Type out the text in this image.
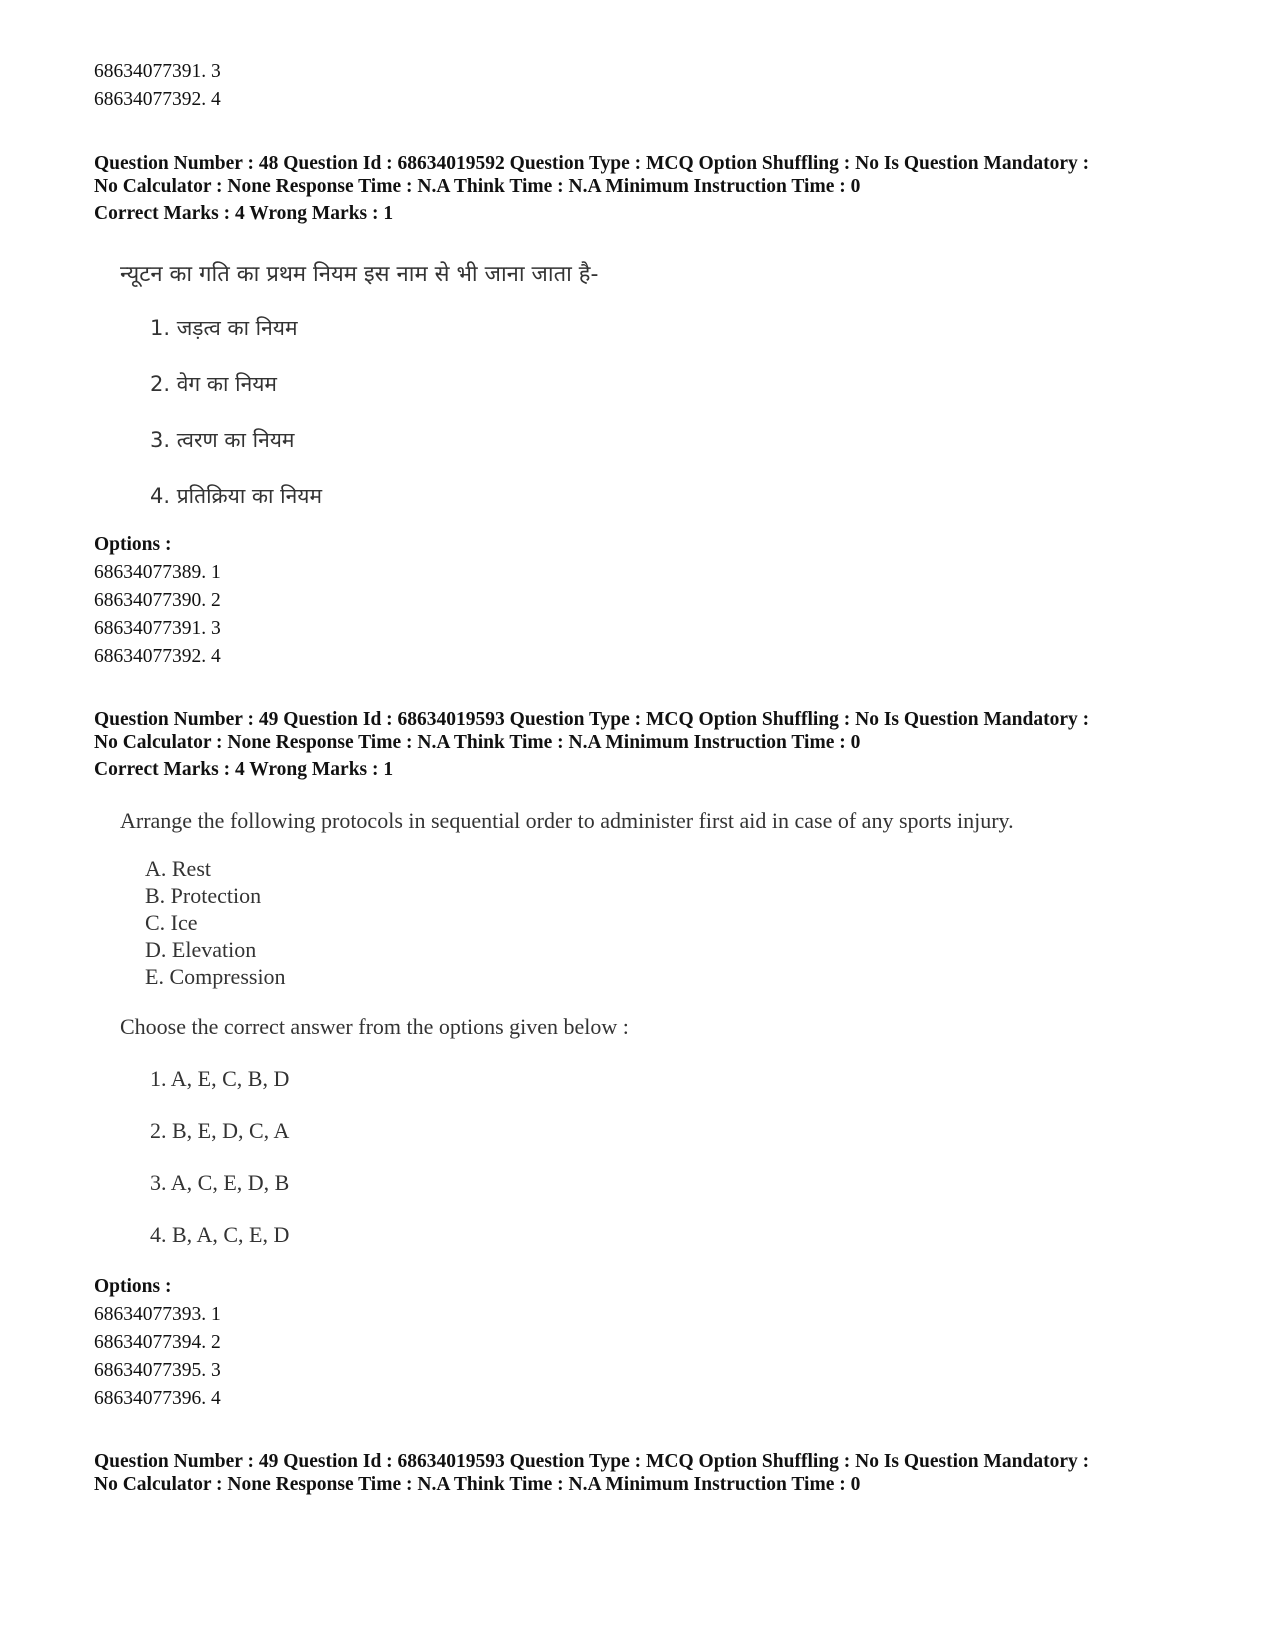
68634077391. 3
68634077392. 4
Question Number : 48 Question Id : 68634019592 Question Type : MCQ Option Shuffling : No Is Question Mandatory :
No Calculator : None Response Time : N.A Think Time : N.A Minimum Instruction Time : 0
Correct Marks : 4 Wrong Marks : 1
न्यूटन का गति का प्रथम नियम इस नाम से भी जाना जाता है-
1. जड़त्व का नियम
2. वेग का नियम
3. त्वरण का नियम
4. प्रतिक्रिया का नियम
Options :
68634077389. 1
68634077390. 2
68634077391. 3
68634077392. 4
Question Number : 49 Question Id : 68634019593 Question Type : MCQ Option Shuffling : No Is Question Mandatory :
No Calculator : None Response Time : N.A Think Time : N.A Minimum Instruction Time : 0
Correct Marks : 4 Wrong Marks : 1
Arrange the following protocols in sequential order to administer first aid in case of any sports injury.
A. Rest
B. Protection
C. Ice
D. Elevation
E. Compression
Choose the correct answer from the options given below :
1. A, E, C, B, D
2. B, E, D, C, A
3. A, C, E, D, B
4. B, A, C, E, D
Options :
68634077393. 1
68634077394. 2
68634077395. 3
68634077396. 4
Question Number : 49 Question Id : 68634019593 Question Type : MCQ Option Shuffling : No Is Question Mandatory :
No Calculator : None Response Time : N.A Think Time : N.A Minimum Instruction Time : 0
